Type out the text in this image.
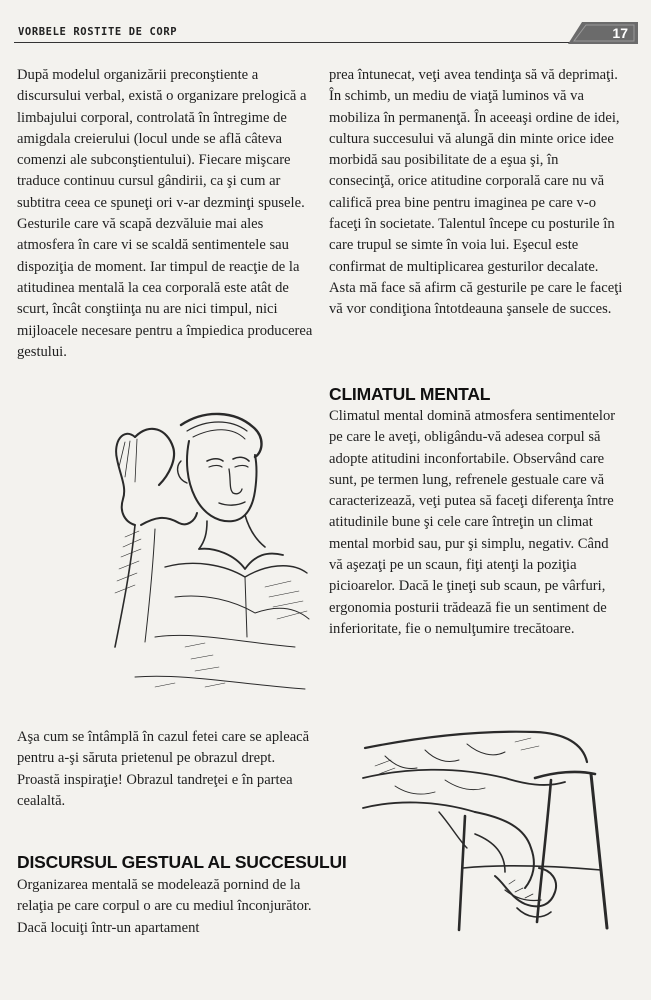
VORBELE ROSTITE DE CORP	17

După modelul organizării preconştiente a discursului verbal, există o organizare prelogică a limbajului corporal, controlată în întregime de amigdala creierului (locul unde se află câteva comenzi ale subconştientului). Fiecare mişcare traduce continuu cursul gândirii, ca şi cum ar subtitra ceea ce spuneţi ori v-ar dezminţi spusele. Gesturile care vă scapă dezvăluie mai ales atmosfera în care vi se scaldă sentimentele sau dispoziţia de moment. Iar timpul de reacţie de la atitudinea mentală la cea corporală este atât de scurt, încât conştiinţa nu are nici timpul, nici mijloacele necesare pentru a împiedica producerea gestului.

Aşa cum se întâmplă în cazul fetei care se apleacă pentru a-şi săruta prietenul pe obrazul drept. Proastă inspiraţie! Obrazul tandreţei e în partea cealaltă.

DISCURSUL GESTUAL AL SUCCESULUI

Organizarea mentală se modelează pornind de la relaţia pe care corpul o are cu mediul înconjurător. Dacă locuiţi într-un apartament

prea întunecat, veţi avea tendinţa să vă deprimaţi. În schimb, un mediu de viaţă luminos vă va mobiliza în permanenţă. În aceeaşi ordine de idei, cultura succesului vă alungă din minte orice idee morbidă sau posibilitate de a eşua şi, în consecinţă, orice atitudine corporală care nu vă califică prea bine pentru imaginea pe care v-o faceţi în societate. Talentul începe cu posturile în care trupul se simte în voia lui. Eşecul este confirmat de multiplicarea gesturilor decalate. Asta mă face să afirm că gesturile pe care le faceţi vă vor condiţiona întotdeauna şansele de succes.

CLIMATUL MENTAL

Climatul mental domină atmosfera sentimentelor pe care le aveţi, obligându-vă adesea corpul să adopte atitudini inconfortabile. Observând care sunt, pe termen lung, refrenele gestuale care vă caracterizează, veţi putea să faceţi diferenţa între atitudinile bune şi cele care întreţin un climat mental morbid sau, pur şi simplu, negativ. Când vă aşezaţi pe un scaun, fiţi atenţi la poziţia picioarelor. Dacă le ţineţi sub scaun, pe vârfuri, ergonomia posturii trădează fie un sentiment de inferioritate, fie o nemulţumire trecătoare.
